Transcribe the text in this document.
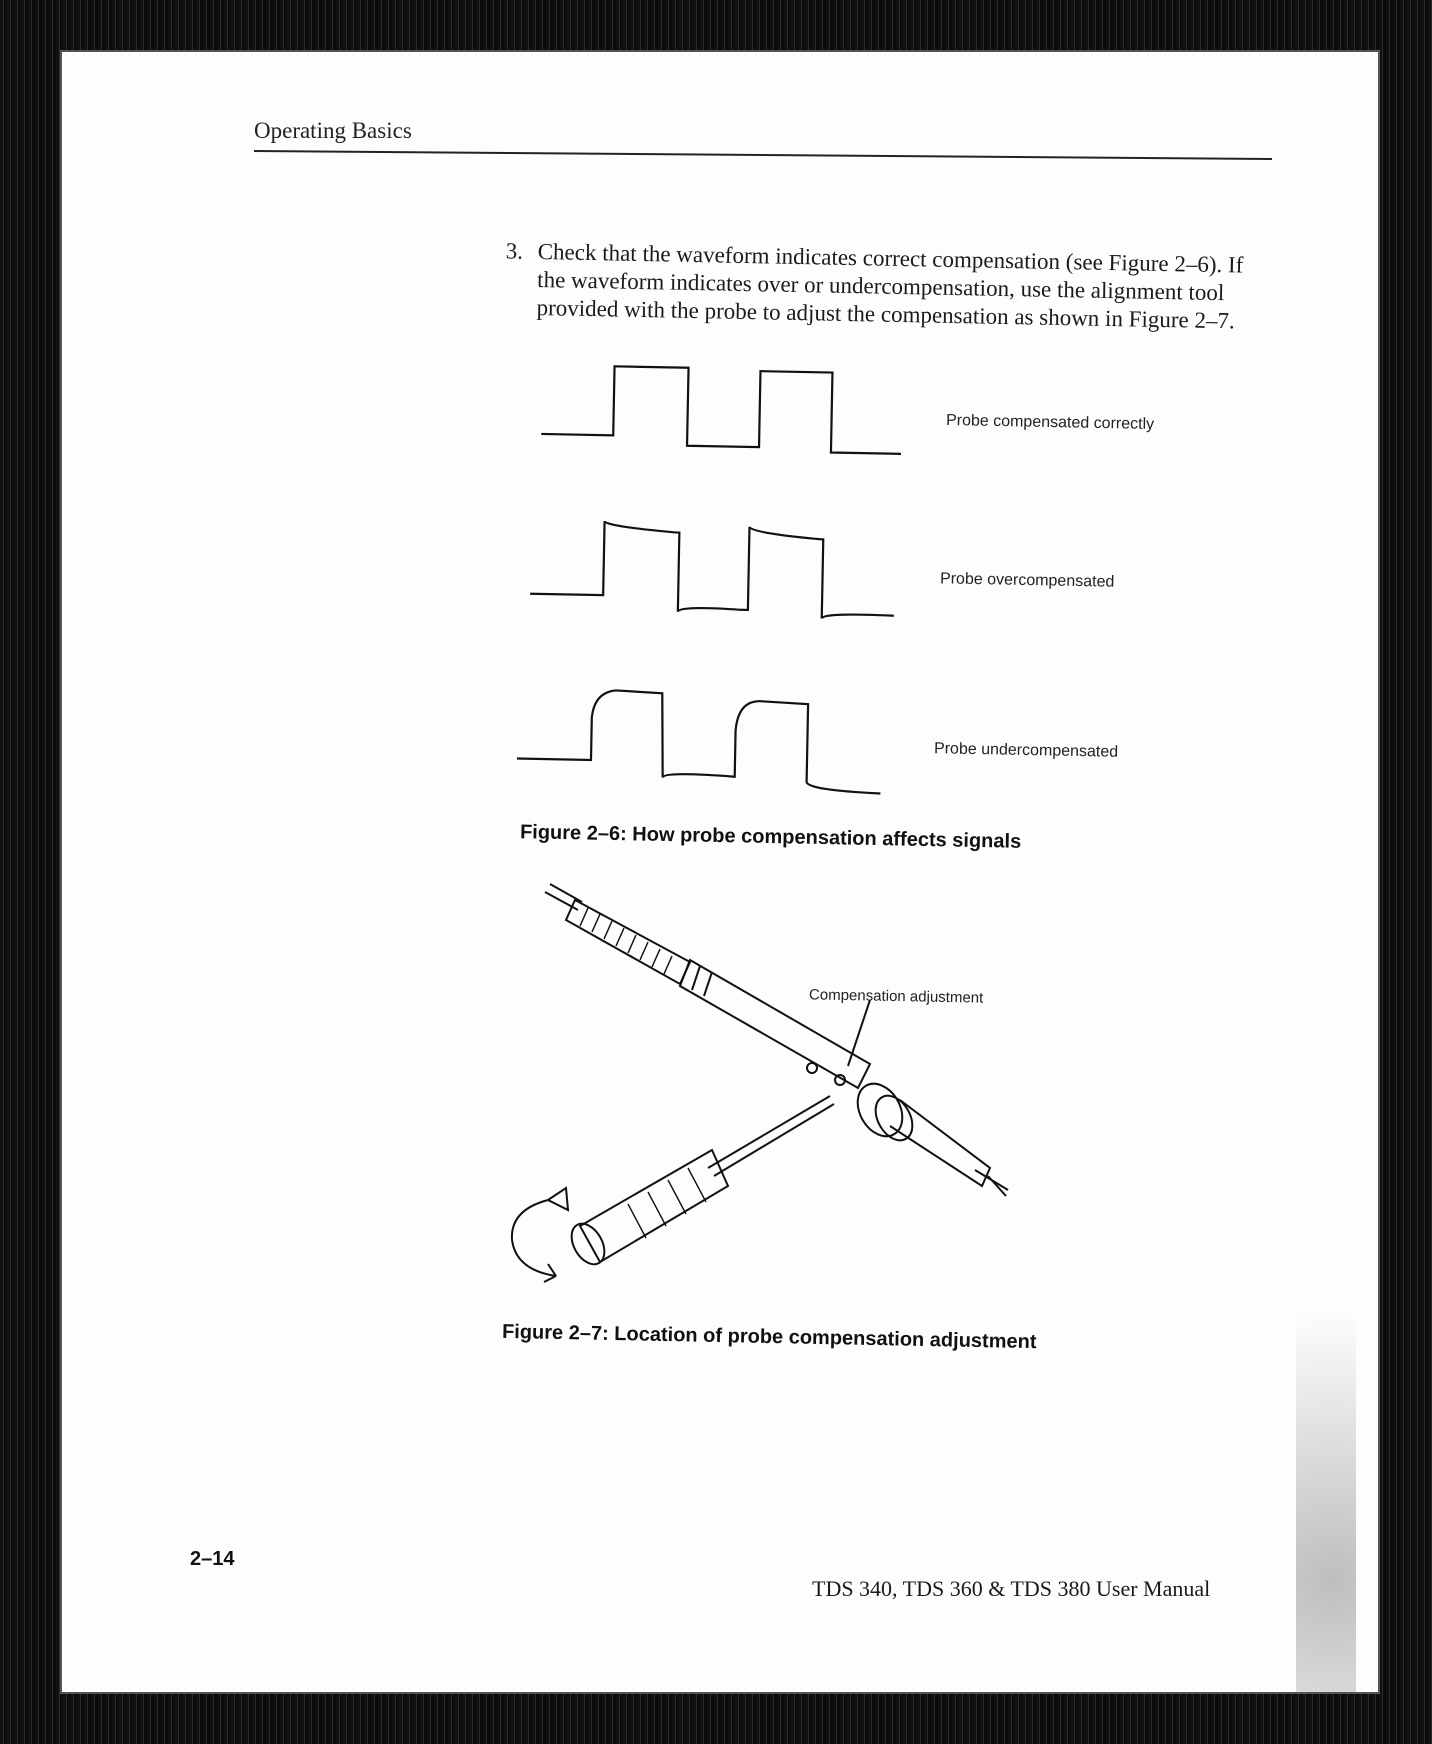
Operating Basics
3. Check that the waveform indicates correct compensation (see Figure 2–6). If the waveform indicates over or undercompensation, use the alignment tool provided with the probe to adjust the compensation as shown in Figure 2–7.
Probe compensated correctly
Probe overcompensated
Probe undercompensated
Figure 2–6: How probe compensation affects signals
Compensation adjustment
Figure 2–7: Location of probe compensation adjustment
2–14
TDS 340, TDS 360 & TDS 380 User Manual
